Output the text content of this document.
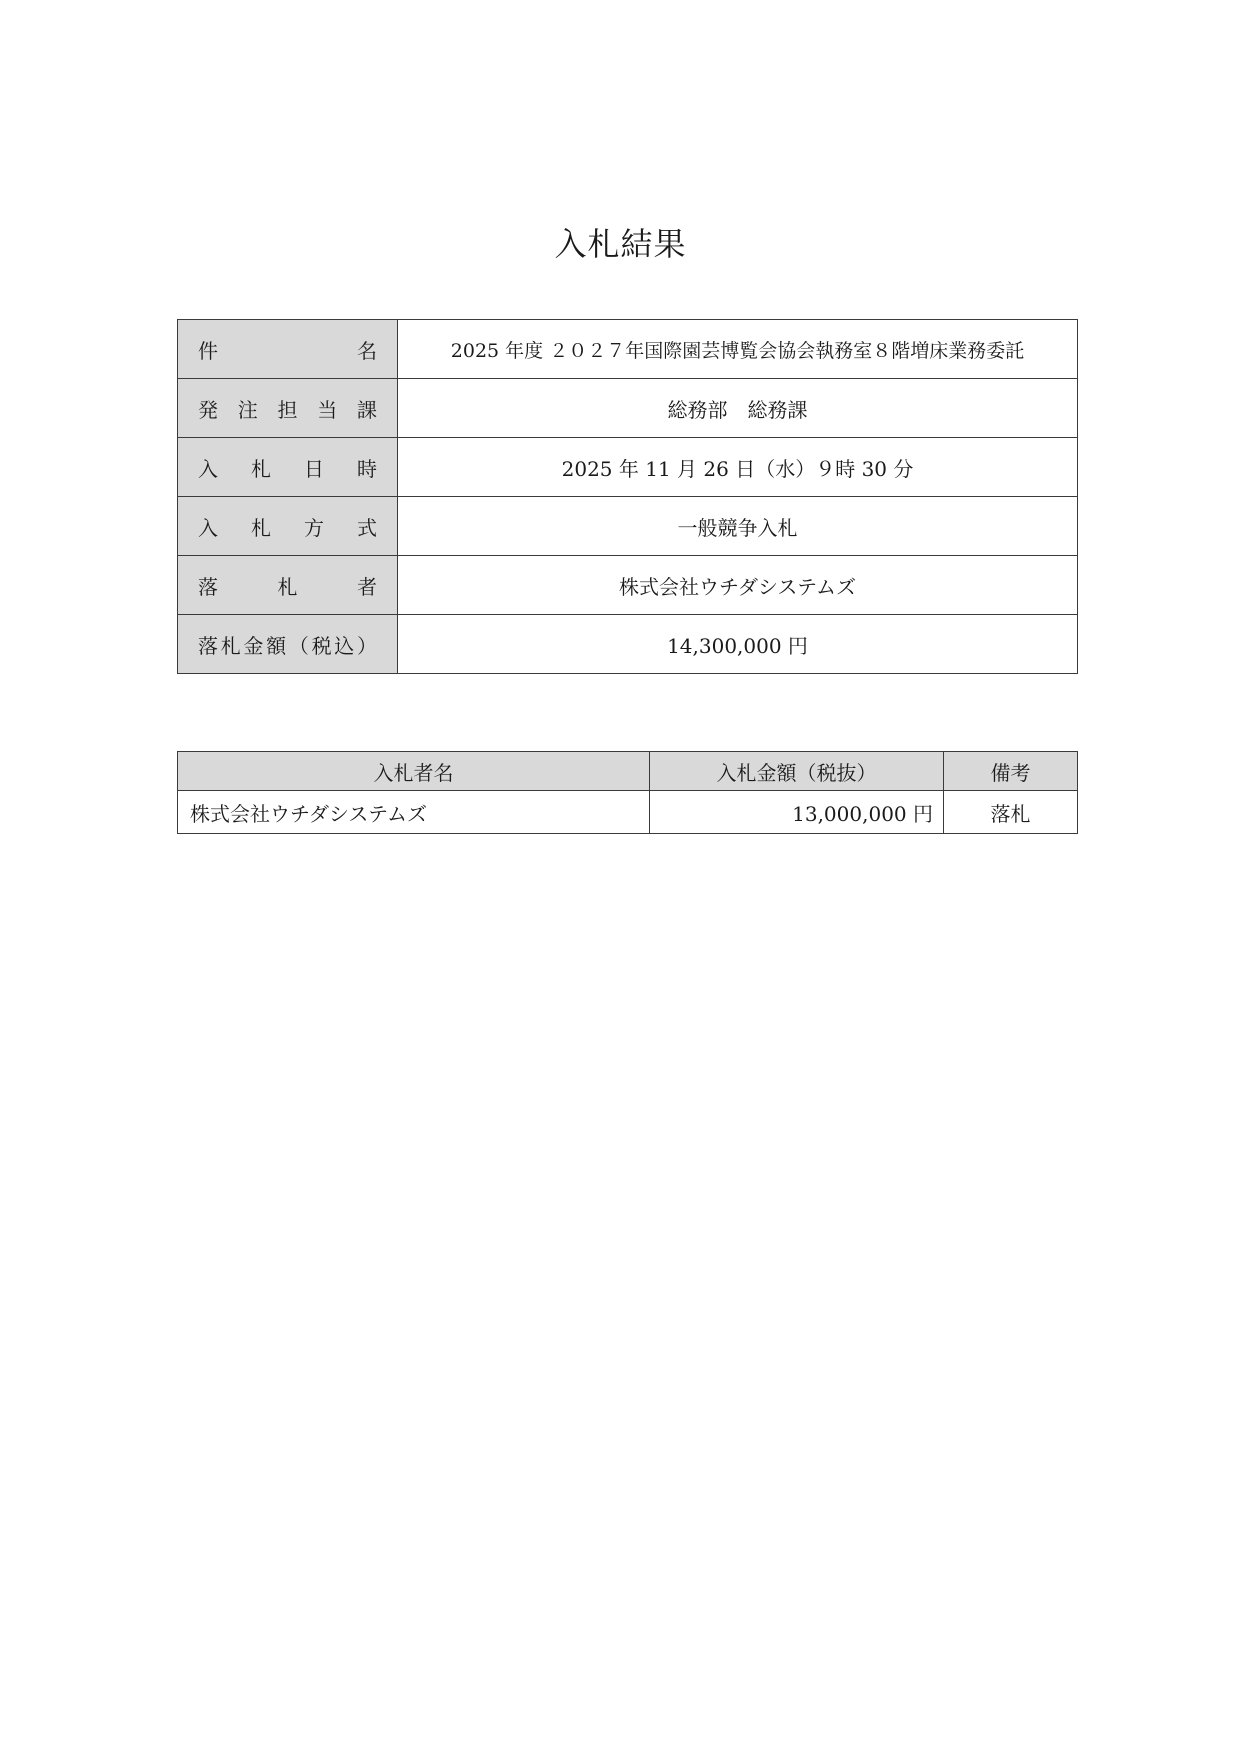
入札結果
件名	2025 年度 ２０２７年国際園芸博覧会協会執務室８階増床業務委託
発注担当課	総務部　総務課
入札日時	2025 年 11 月 26 日（水）９時 30 分
入札方式	一般競争入札
落札者	株式会社ウチダシステムズ
落札金額（税込）	14,300,000 円
入札者名	入札金額（税抜）	備考
株式会社ウチダシステムズ	13,000,000 円	落札
